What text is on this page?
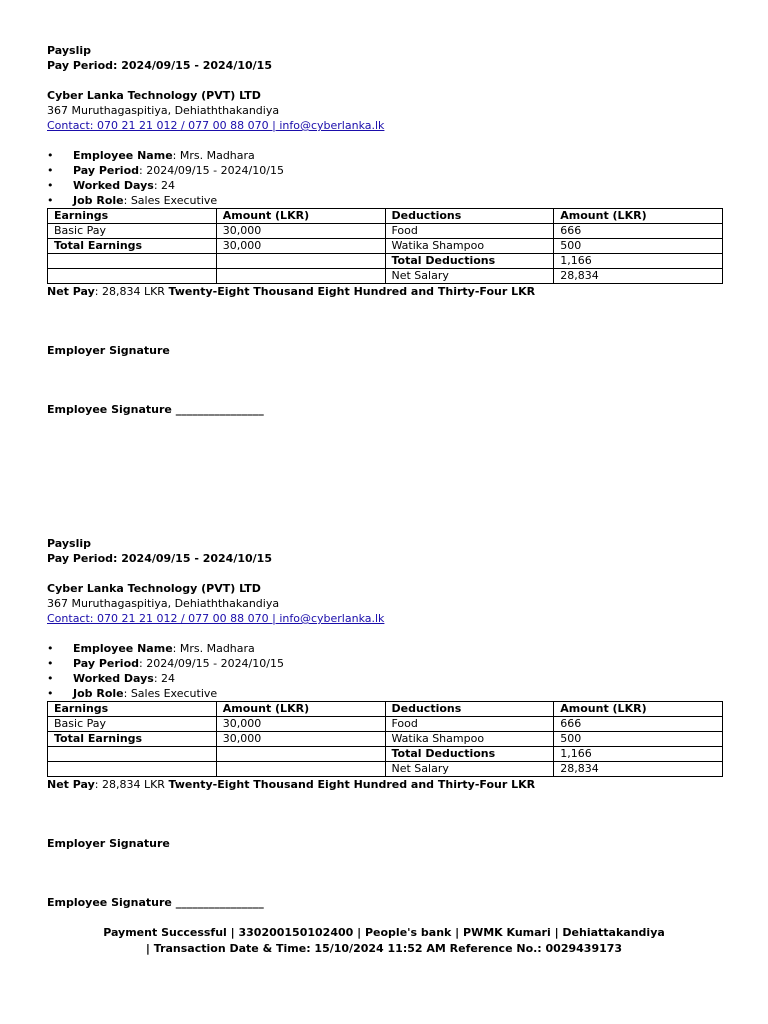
Payslip
Pay Period: 2024/09/15 - 2024/10/15
Cyber Lanka Technology (PVT) LTD
367 Muruthagaspitiya, Dehiaththakandiya
Contact: 070 21 21 012 / 077 00 88 070 | info@cyberlanka.lk
• Employee Name: Mrs. Madhara
• Pay Period: 2024/09/15 - 2024/10/15
• Worked Days: 24
• Job Role: Sales Executive
Earnings	Amount (LKR)	Deductions	Amount (LKR)
Basic Pay	30,000	Food	666
Total Earnings	30,000	Watika Shampoo	500
		Total Deductions	1,166
		Net Salary	28,834
Net Pay: 28,834 LKR Twenty-Eight Thousand Eight Hundred and Thirty-Four LKR
Employer Signature
Employee Signature ________________
Payslip
Pay Period: 2024/09/15 - 2024/10/15
Cyber Lanka Technology (PVT) LTD
367 Muruthagaspitiya, Dehiaththakandiya
Contact: 070 21 21 012 / 077 00 88 070 | info@cyberlanka.lk
• Employee Name: Mrs. Madhara
• Pay Period: 2024/09/15 - 2024/10/15
• Worked Days: 24
• Job Role: Sales Executive
Earnings	Amount (LKR)	Deductions	Amount (LKR)
Basic Pay	30,000	Food	666
Total Earnings	30,000	Watika Shampoo	500
		Total Deductions	1,166
		Net Salary	28,834
Net Pay: 28,834 LKR Twenty-Eight Thousand Eight Hundred and Thirty-Four LKR
Employer Signature
Employee Signature ________________
Payment Successful | 330200150102400 | People's bank | PWMK Kumari | Dehiattakandiya
| Transaction Date & Time: 15/10/2024 11:52 AM Reference No.: 0029439173
